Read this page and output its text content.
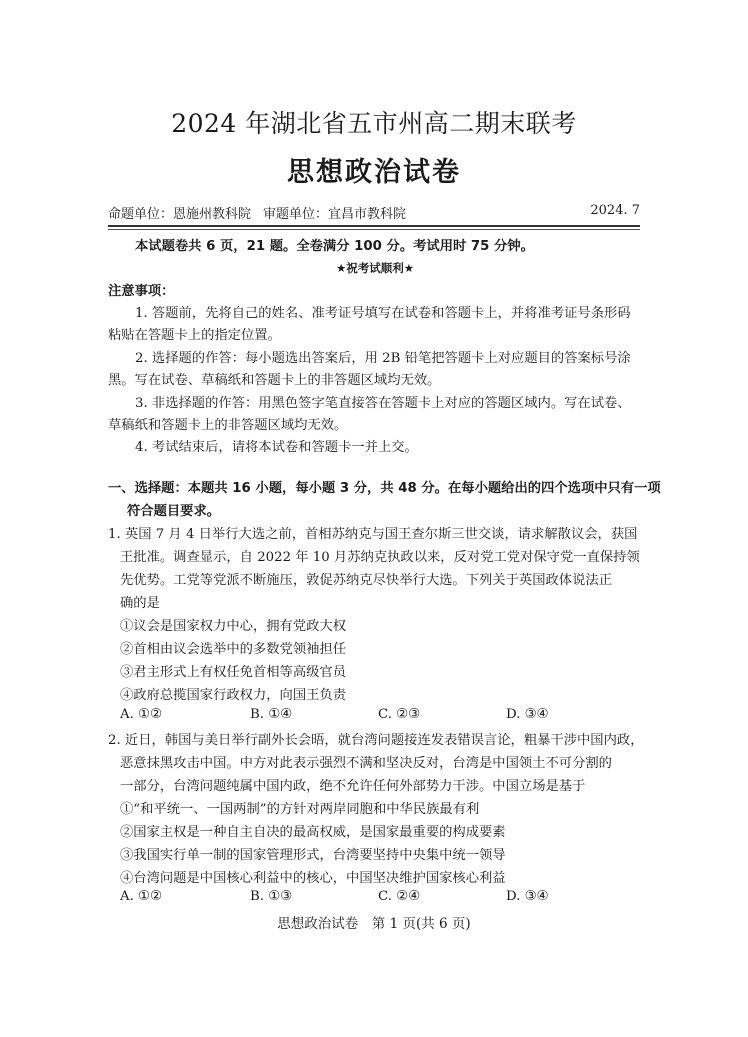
2024 年湖北省五市州高二期末联考
思想政治试卷
命题单位：恩施州教科院 审题单位：宜昌市教科院	2024. 7
本试题卷共 6 页，21 题。全卷满分 100 分。考试用时 75 分钟。
★祝考试顺利★
注意事项：
1. 答题前，先将自己的姓名、准考证号填写在试卷和答题卡上，并将准考证号条形码
粘贴在答题卡上的指定位置。
2. 选择题的作答：每小题选出答案后，用 2B 铅笔把答题卡上对应题目的答案标号涂
黑。写在试卷、草稿纸和答题卡上的非答题区域均无效。
3. 非选择题的作答：用黑色签字笔直接答在答题卡上对应的答题区域内。写在试卷、
草稿纸和答题卡上的非答题区域均无效。
4. 考试结束后，请将本试卷和答题卡一并上交。
一、选择题：本题共 16 小题，每小题 3 分，共 48 分。在每小题给出的四个选项中只有一项
符合题目要求。
1. 英国 7 月 4 日举行大选之前，首相苏纳克与国王查尔斯三世交谈，请求解散议会，获国
王批准。调查显示，自 2022 年 10 月苏纳克执政以来，反对党工党对保守党一直保持领
先优势。工党等党派不断施压，敦促苏纳克尽快举行大选。下列关于英国政体说法正
确的是
①议会是国家权力中心，拥有党政大权
②首相由议会选举中的多数党领袖担任
③君主形式上有权任免首相等高级官员
④政府总揽国家行政权力，向国王负责
A. ①②	B. ①④	C. ②③	D. ③④
2. 近日，韩国与美日举行副外长会晤，就台湾问题接连发表错误言论，粗暴干涉中国内政，
恶意抹黑攻击中国。中方对此表示强烈不满和坚决反对，台湾是中国领土不可分割的
一部分，台湾问题纯属中国内政，绝不允许任何外部势力干涉。中国立场是基于
①“和平统一、一国两制”的方针对两岸同胞和中华民族最有利
②国家主权是一种自主自决的最高权威，是国家最重要的构成要素
③我国实行单一制的国家管理形式，台湾要坚持中央集中统一领导
④台湾问题是中国核心利益中的核心，中国坚决维护国家核心利益
A. ①②	B. ①③	C. ②④	D. ③④
思想政治试卷　第 1 页(共 6 页)
